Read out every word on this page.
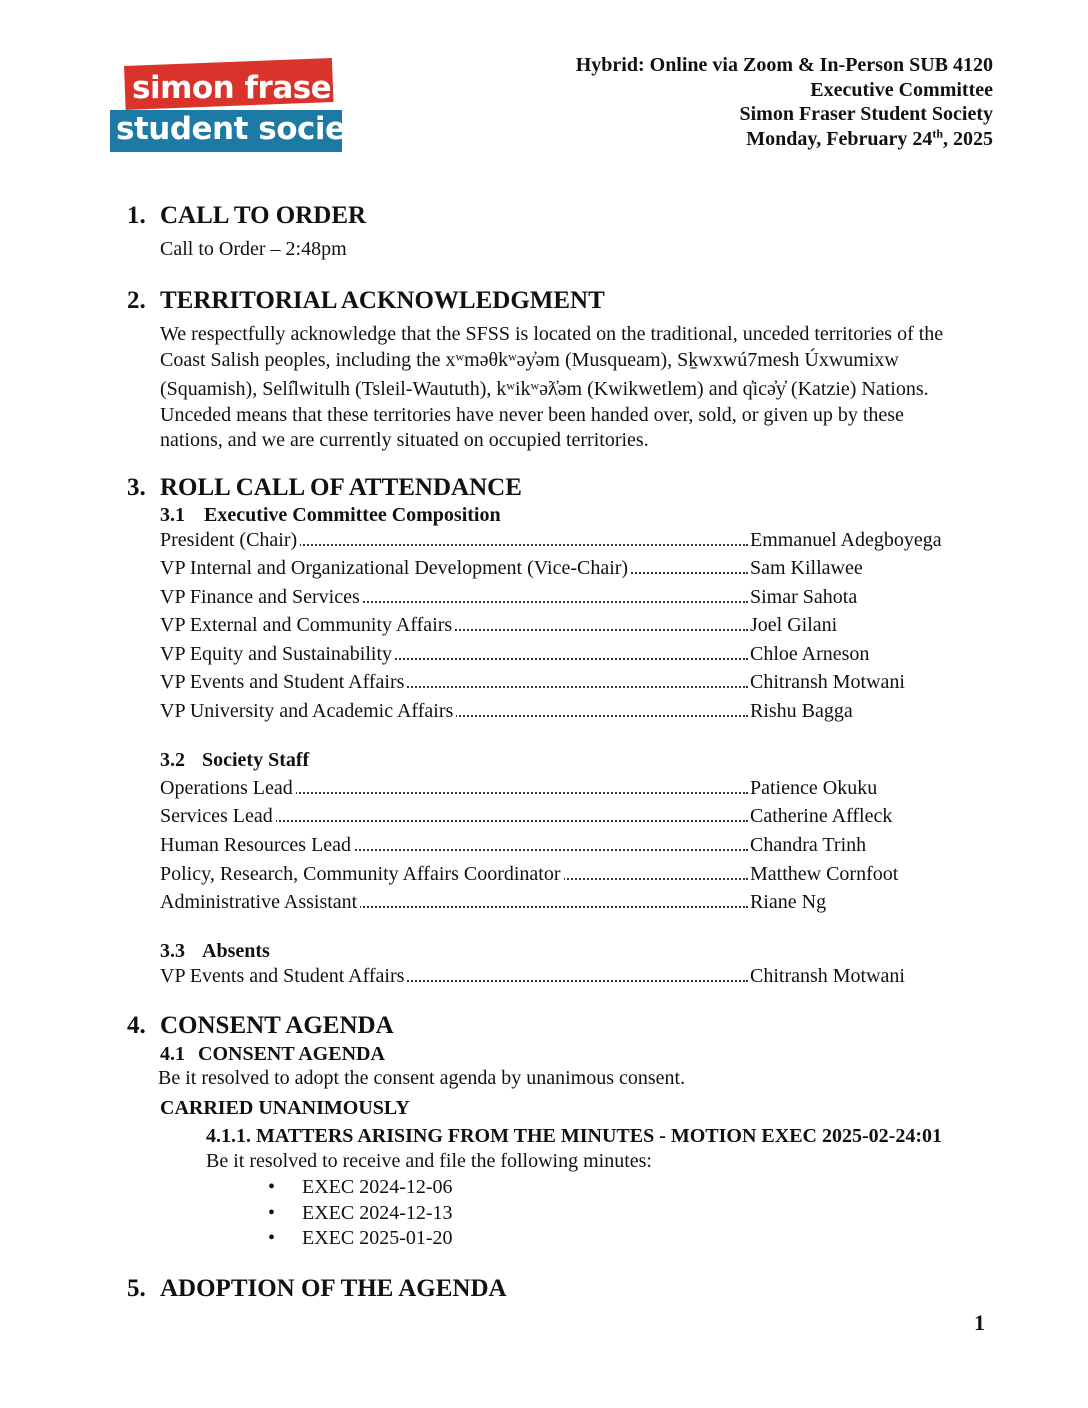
simon fraser
student society
Hybrid: Online via Zoom & In-Person SUB 4120
Executive Committee
Simon Fraser Student Society
Monday, February 24th, 2025
1. CALL TO ORDER
Call to Order – 2:48pm
2. TERRITORIAL ACKNOWLEDGMENT
We respectfully acknowledge that the SFSS is located on the traditional, unceded territories of the
Coast Salish peoples, including the xʷməθkʷəy̓əm (Musqueam), Sḵwxwú7mesh Úxwumixw
(Squamish), Selí̓lwitulh (Tsleil-Waututh), kʷikʷəƛ̓əm (Kwikwetlem) and q̓icə̓y̓ (Katzie) Nations.
Unceded means that these territories have never been handed over, sold, or given up by these
nations, and we are currently situated on occupied territories.
3. ROLL CALL OF ATTENDANCE
3.1 Executive Committee Composition
President (Chair)	Emmanuel Adegboyega
VP Internal and Organizational Development (Vice-Chair)	Sam Killawee
VP Finance and Services	Simar Sahota
VP External and Community Affairs	Joel Gilani
VP Equity and Sustainability	Chloe Arneson
VP Events and Student Affairs	Chitransh Motwani
VP University and Academic Affairs	Rishu Bagga
3.2 Society Staff
Operations Lead	Patience Okuku
Services Lead	Catherine Affleck
Human Resources Lead	Chandra Trinh
Policy, Research, Community Affairs Coordinator	Matthew Cornfoot
Administrative Assistant	Riane Ng
3.3 Absents
VP Events and Student Affairs	Chitransh Motwani
4. CONSENT AGENDA
4.1 CONSENT AGENDA
Be it resolved to adopt the consent agenda by unanimous consent.
CARRIED UNANIMOUSLY
4.1.1. MATTERS ARISING FROM THE MINUTES - MOTION EXEC 2025-02-24:01
Be it resolved to receive and file the following minutes:
• EXEC 2024-12-06
• EXEC 2024-12-13
• EXEC 2025-01-20
5. ADOPTION OF THE AGENDA
1
